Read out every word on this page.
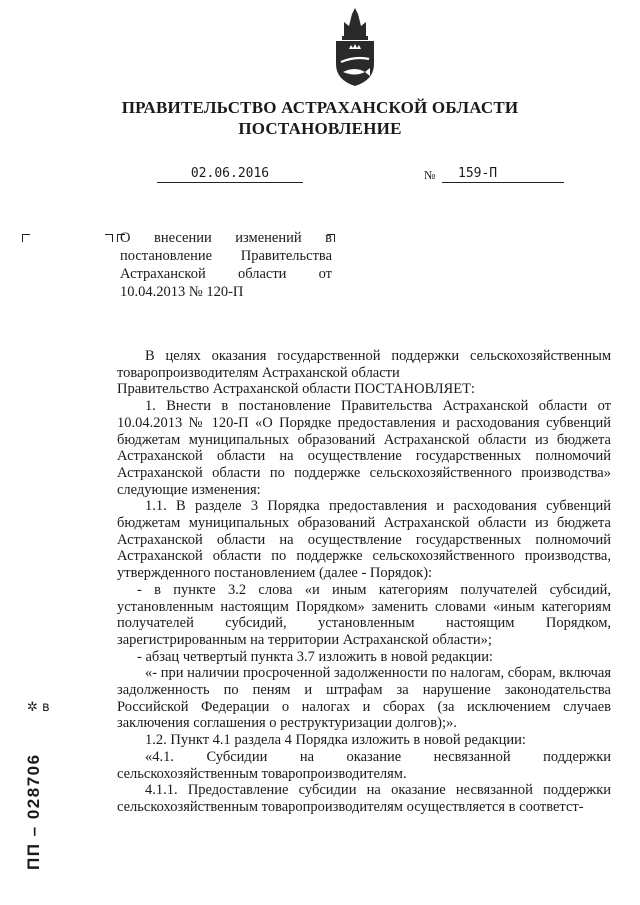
ПРАВИТЕЛЬСТВО АСТРАХАНСКОЙ ОБЛАСТИ
ПОСТАНОВЛЕНИЕ
02.06.2016	№	159-П
О внесении изменений в постановление Правительства Астраханской области от 10.04.2013 № 120-П

В целях оказания государственной поддержки сельскохозяйственным товаропроизводителям Астраханской области

Правительство Астраханской области ПОСТАНОВЛЯЕТ:

1. Внести в постановление Правительства Астраханской области от 10.04.2013 № 120-П «О Порядке предоставления и расходования субвенций бюджетам муниципальных образований Астраханской области из бюджета Астраханской области на осуществление государственных полномочий Астраханской области по поддержке сельскохозяйственного производства» следующие изменения:

1.1. В разделе 3 Порядка предоставления и расходования субвенций бюджетам муниципальных образований Астраханской области из бюджета Астраханской области на осуществление государственных полномочий Астраханской области по поддержке сельскохозяйственного производства, утвержденного постановлением (далее - Порядок):

- в пункте 3.2 слова «и иным категориям получателей субсидий, установленным настоящим Порядком» заменить словами «иным категориям получателей субсидий, установленным настоящим Порядком, зарегистрированным на территории Астраханской области»;

- абзац четвертый пункта 3.7 изложить в новой редакции:

«- при наличии просроченной задолженности по налогам, сборам, включая задолженность по пеням и штрафам за нарушение законодательства Российской Федерации о налогах и сборах (за исключением случаев заключения соглашения о реструктуризации долгов);».

1.2. Пункт 4.1 раздела 4 Порядка изложить в новой редакции:

«4.1. Субсидии на оказание несвязанной поддержки сельскохозяйственным товаропроизводителям.

4.1.1. Предоставление субсидии на оказание несвязанной поддержки сельскохозяйственным товаропроизводителям осуществляется в соответст-

✲ ʙ
ПП – 028706
